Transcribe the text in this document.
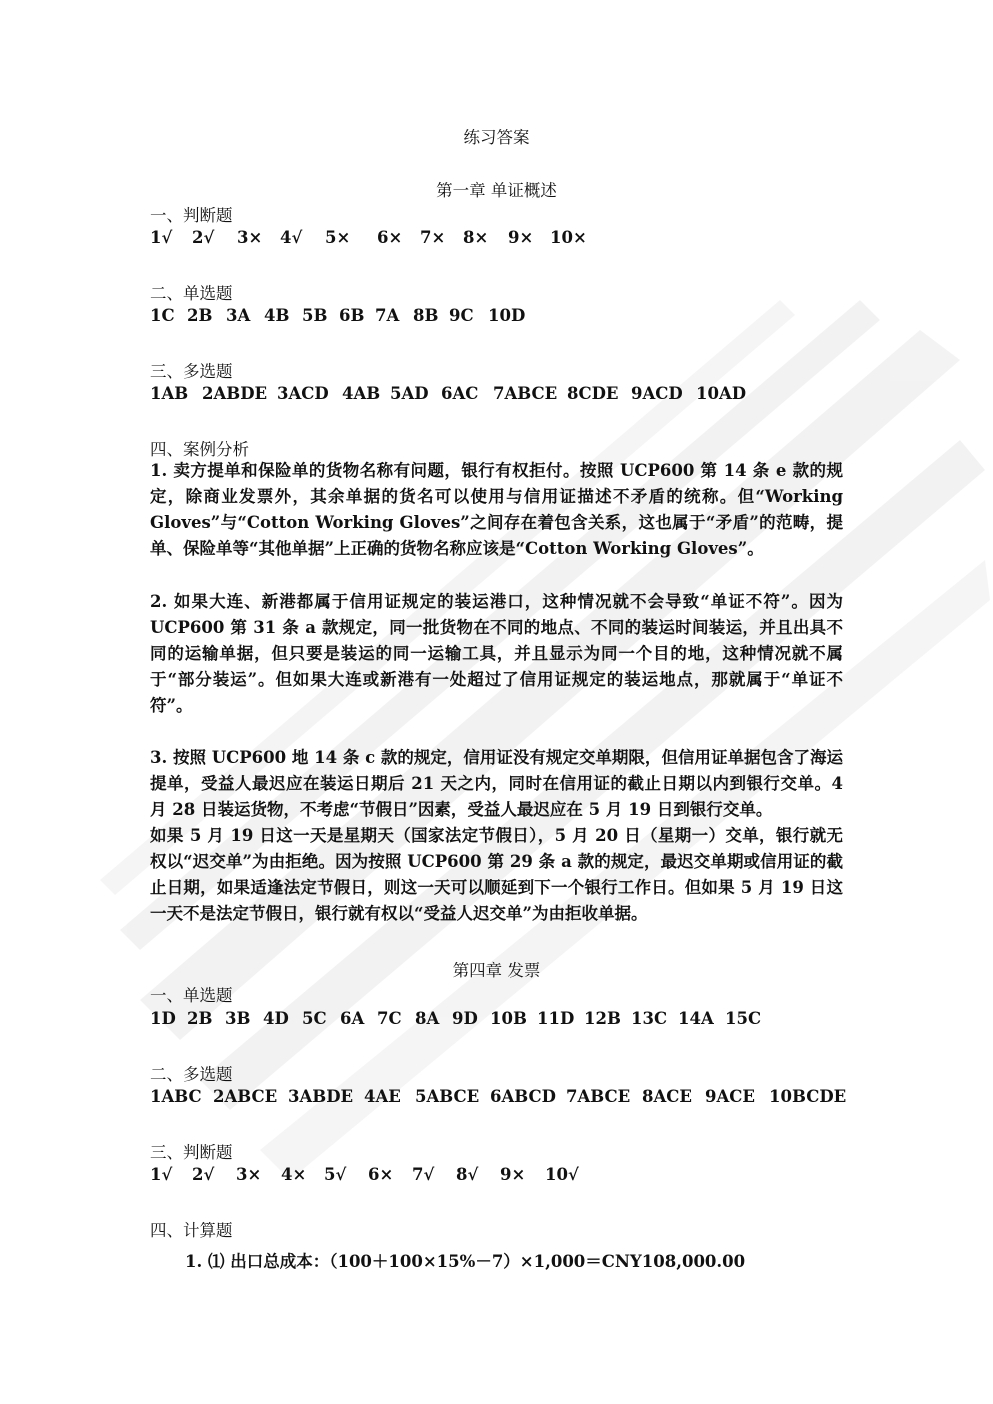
练习答案
第一章 单证概述
一、判断题
1√	2√	3×	4√	5×	6×	7×	8×	9×	10×
二、单选题
1C 2B 3A 4B 5B 6B 7A 8B 9C 10D
三、多选题
1AB 2ABDE 3ACD 4AB 5AD 6AC 7ABCE 8CDE 9ACD 10AD
四、案例分析

1. 卖方提单和保险单的货物名称有问题，银行有权拒付。按照 UCP600 第 14 条 e 款的规定，除商业发票外，其余单据的货名可以使用与信用证描述不矛盾的统称。但“Working Gloves”与“Cotton Working Gloves”之间存在着包含关系，这也属于“矛盾”的范畴，提单、保险单等“其他单据”上正确的货物名称应该是“Cotton Working Gloves”。

2. 如果大连、新港都属于信用证规定的装运港口，这种情况就不会导致“单证不符”。因为 UCP600 第 31 条 a 款规定，同一批货物在不同的地点、不同的装运时间装运，并且出具不同的运输单据，但只要是装运的同一运输工具，并且显示为同一个目的地，这种情况就不属于“部分装运”。但如果大连或新港有一处超过了信用证规定的装运地点，那就属于“单证不符”。

3. 按照 UCP600 地 14 条 c 款的规定，信用证没有规定交单期限，但信用证单据包含了海运提单，受益人最迟应在装运日期后 21 天之内，同时在信用证的截止日期以内到银行交单。4 月 28 日装运货物，不考虑“节假日”因素，受益人最迟应在 5 月 19 日到银行交单。

如果 5 月 19 日这一天是星期天（国家法定节假日），5 月 20 日（星期一）交单，银行就无权以“迟交单”为由拒绝。因为按照 UCP600 第 29 条 a 款的规定，最迟交单期或信用证的截止日期，如果适逢法定节假日，则这一天可以顺延到下一个银行工作日。但如果 5 月 19 日这一天不是法定节假日，银行就有权以“受益人迟交单”为由拒收单据。

第四章 发票
一、单选题
1D 2B 3B 4D 5C 6A 7C 8A 9D 10B 11D 12B 13C 14A 15C
二、多选题
1ABC 2ABCE 3ABDE 4AE 5ABCE 6ABCD 7ABCE 8ACE 9ACE 10BCDE
三、判断题
1√	2√	3×	4×	5√	6×	7√	8√	9×	10√
四、计算题
1. ⑴ 出口总成本：（100＋100×15%－7）×1,000＝CNY108,000.00
